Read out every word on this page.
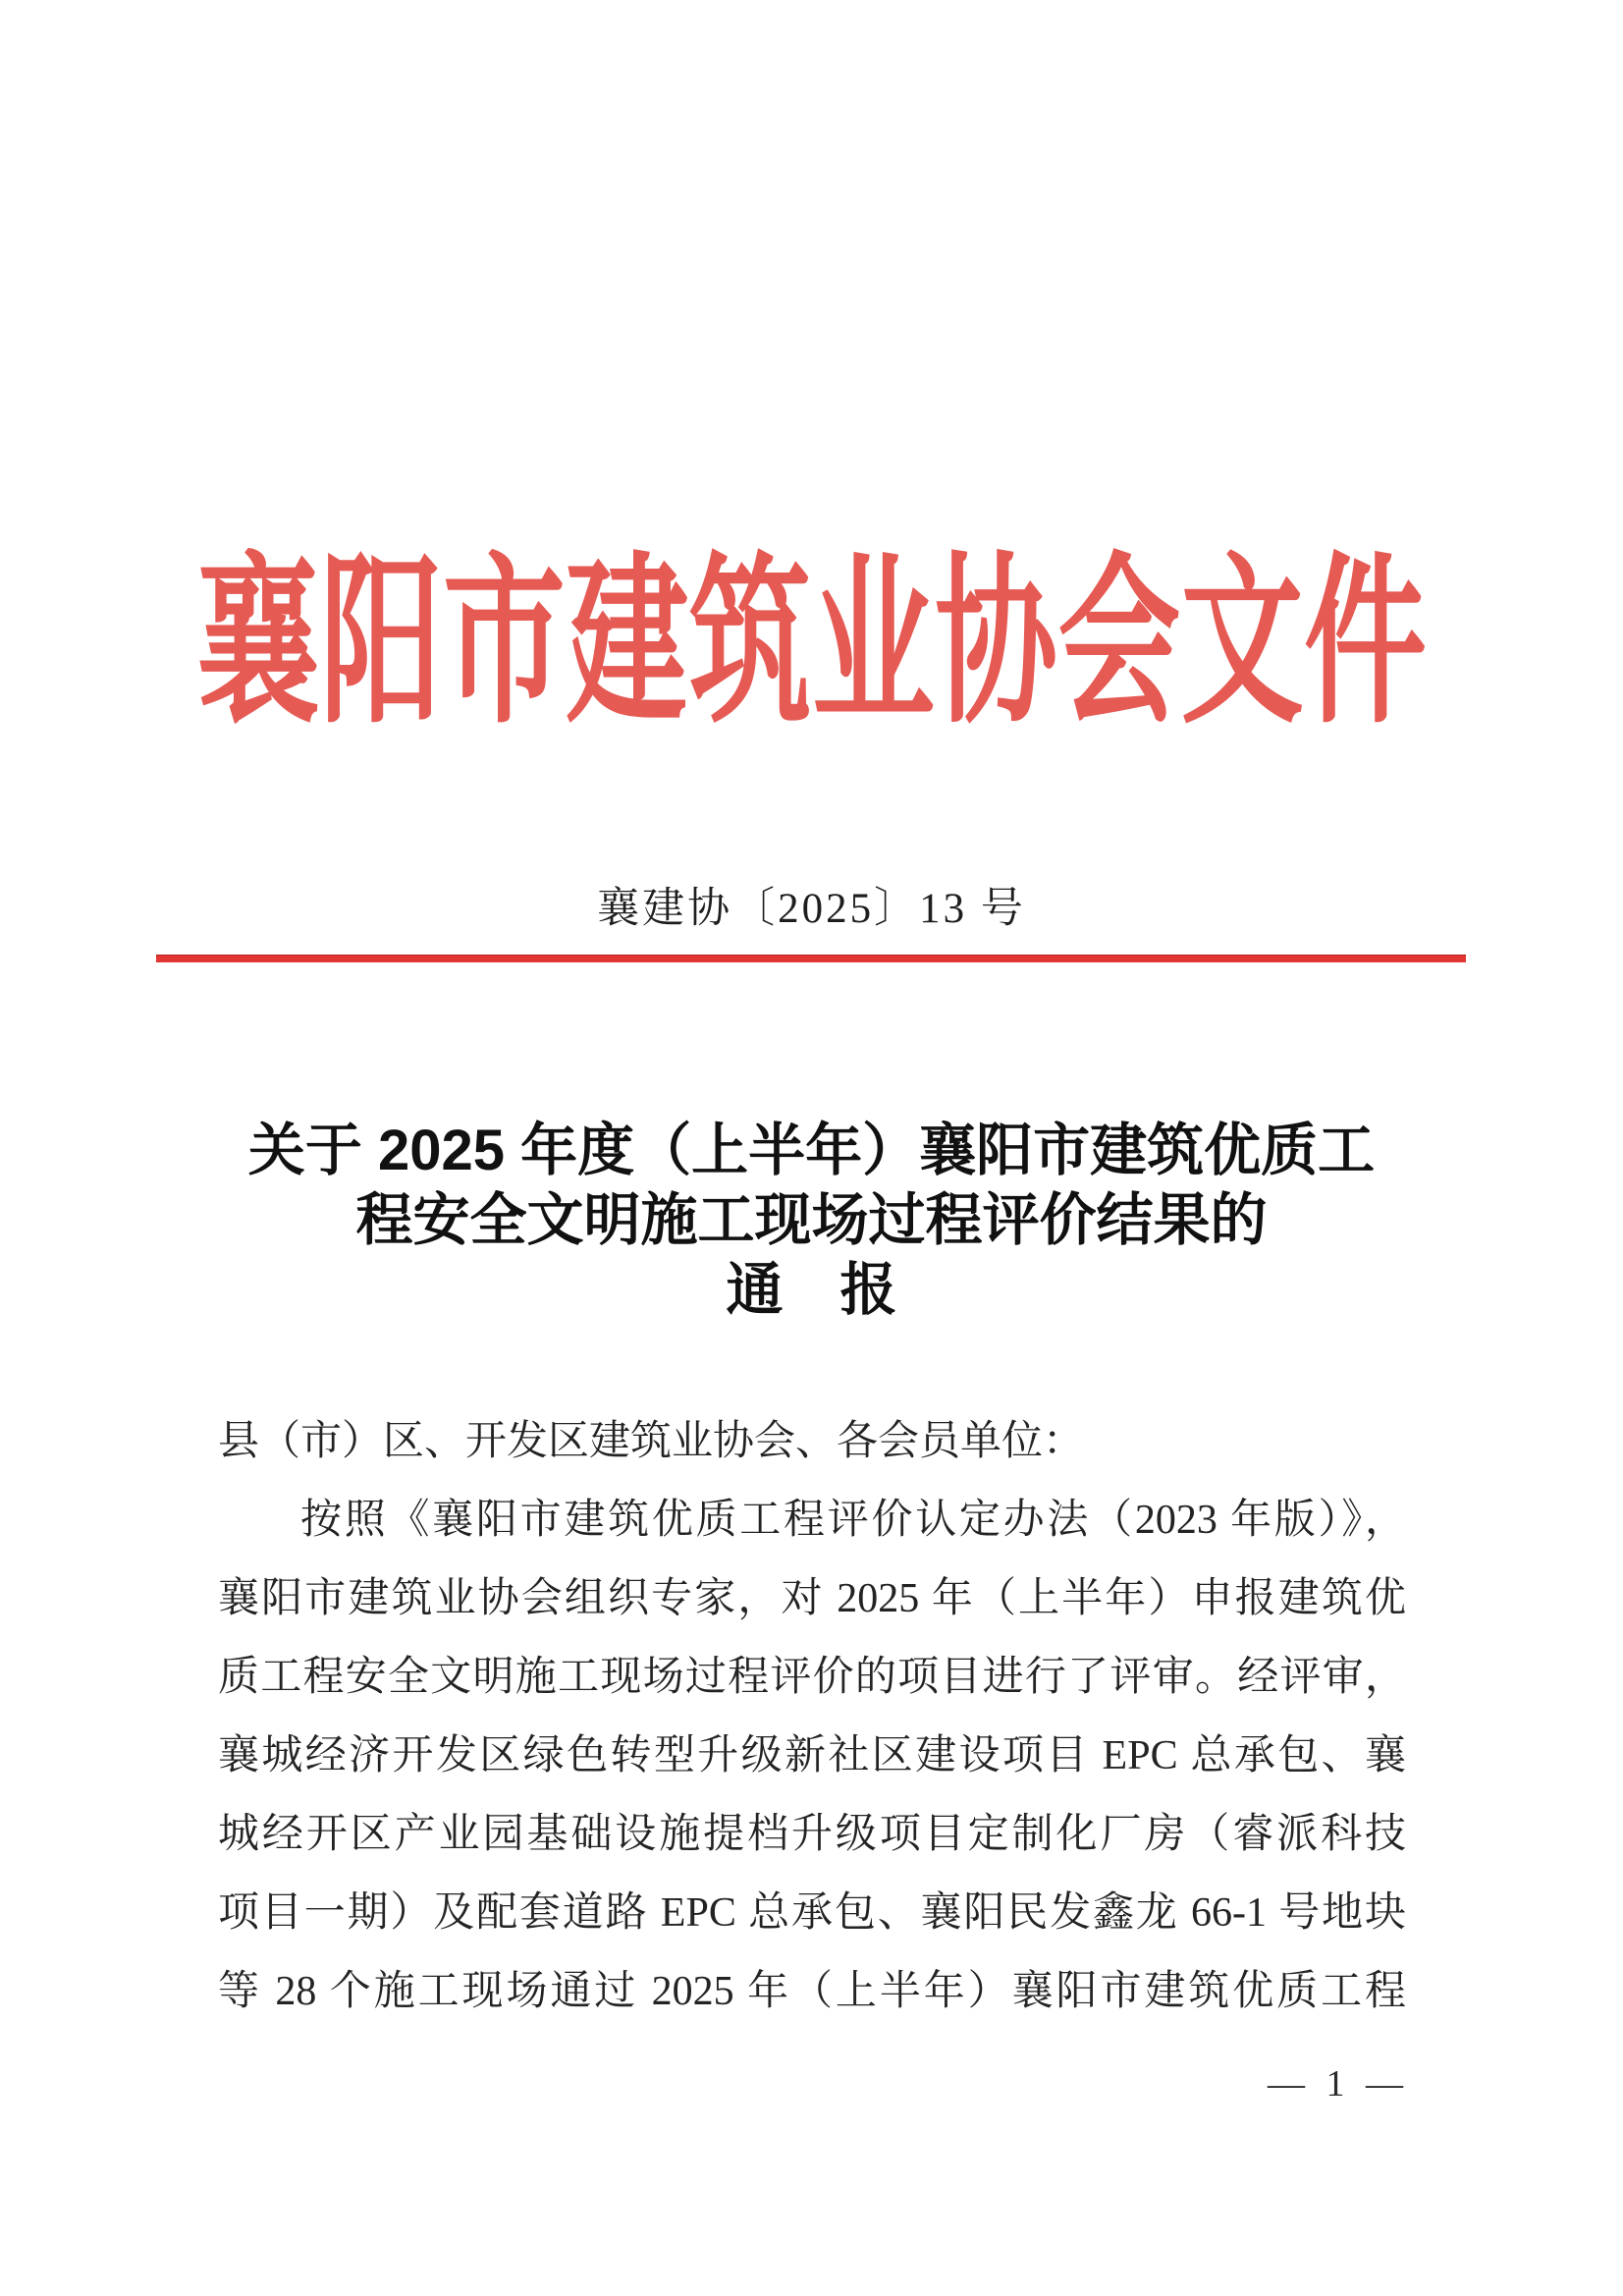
襄阳市建筑业协会文件
襄建协〔2025〕13 号
关于 2025 年度（上半年）襄阳市建筑优质工
程安全文明施工现场过程评价结果的
通　报
县（市）区、开发区建筑业协会、各会员单位：
按照《襄阳市建筑优质工程评价认定办法（2023 年版）》，
襄阳市建筑业协会组织专家，对 2025 年（上半年）申报建筑优
质工程安全文明施工现场过程评价的项目进行了评审。经评审，
襄城经济开发区绿色转型升级新社区建设项目 EPC 总承包、襄
城经开区产业园基础设施提档升级项目定制化厂房（睿派科技
项目一期）及配套道路 EPC 总承包、襄阳民发鑫龙 66-1 号地块
等 28 个施工现场通过 2025 年（上半年）襄阳市建筑优质工程
— 1 —
